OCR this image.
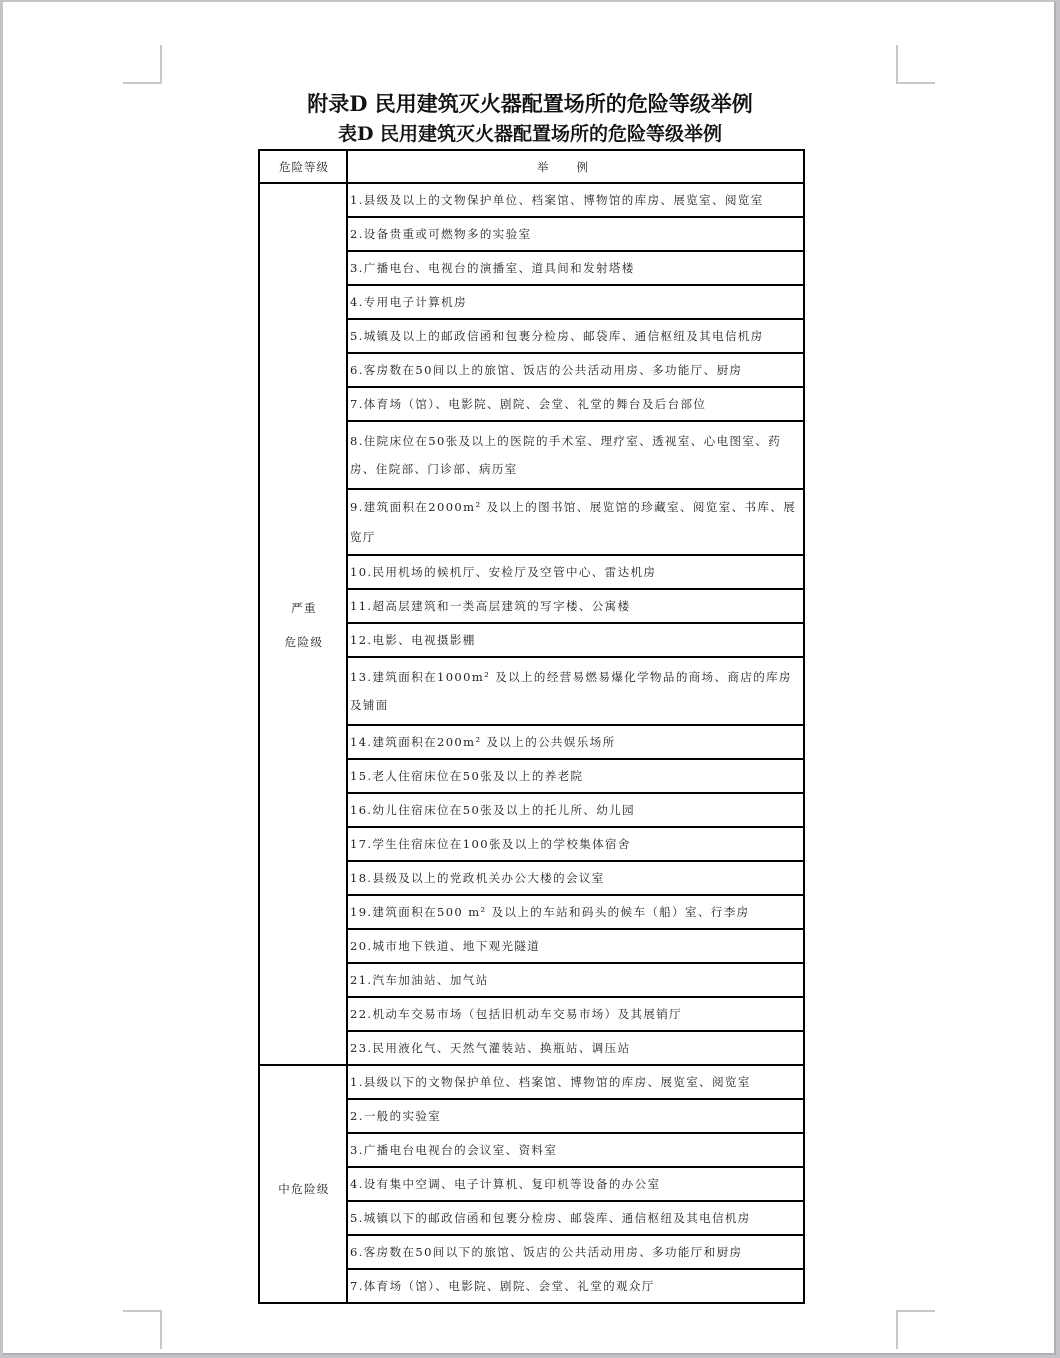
附录D 民用建筑灭火器配置场所的危险等级举例
表D 民用建筑灭火器配置场所的危险等级举例
危险等级	举例

严重
危险级	1.县级及以上的文物保护单位、档案馆、博物馆的库房、展览室、阅览室
	2.设备贵重或可燃物多的实验室
	3.广播电台、电视台的演播室、道具间和发射塔楼
	4.专用电子计算机房
	5.城镇及以上的邮政信函和包裹分检房、邮袋库、通信枢纽及其电信机房
	6.客房数在50间以上的旅馆、饭店的公共活动用房、多功能厅、厨房
	7.体育场（馆）、电影院、剧院、会堂、礼堂的舞台及后台部位
	8.住院床位在50张及以上的医院的手术室、理疗室、透视室、心电图室、药房、住院部、门诊部、病历室
	9.建筑面积在2000m² 及以上的图书馆、展览馆的珍藏室、阅览室、书库、展览厅
	10.民用机场的候机厅、安检厅及空管中心、雷达机房
	11.超高层建筑和一类高层建筑的写字楼、公寓楼
	12.电影、电视摄影棚
	13.建筑面积在1000m² 及以上的经营易燃易爆化学物品的商场、商店的库房及铺面
	14.建筑面积在200m² 及以上的公共娱乐场所
	15.老人住宿床位在50张及以上的养老院
	16.幼儿住宿床位在50张及以上的托儿所、幼儿园
	17.学生住宿床位在100张及以上的学校集体宿舍
	18.县级及以上的党政机关办公大楼的会议室
	19.建筑面积在500 m² 及以上的车站和码头的候车（船）室、行李房
	20.城市地下铁道、地下观光隧道
	21.汽车加油站、加气站
	22.机动车交易市场（包括旧机动车交易市场）及其展销厅
	23.民用液化气、天然气灌装站、换瓶站、调压站

中危险级	1.县级以下的文物保护单位、档案馆、博物馆的库房、展览室、阅览室
	2.一般的实验室
	3.广播电台电视台的会议室、资料室
	4.设有集中空调、电子计算机、复印机等设备的办公室
	5.城镇以下的邮政信函和包裹分检房、邮袋库、通信枢纽及其电信机房
	6.客房数在50间以下的旅馆、饭店的公共活动用房、多功能厅和厨房
	7.体育场（馆）、电影院、剧院、会堂、礼堂的观众厅
